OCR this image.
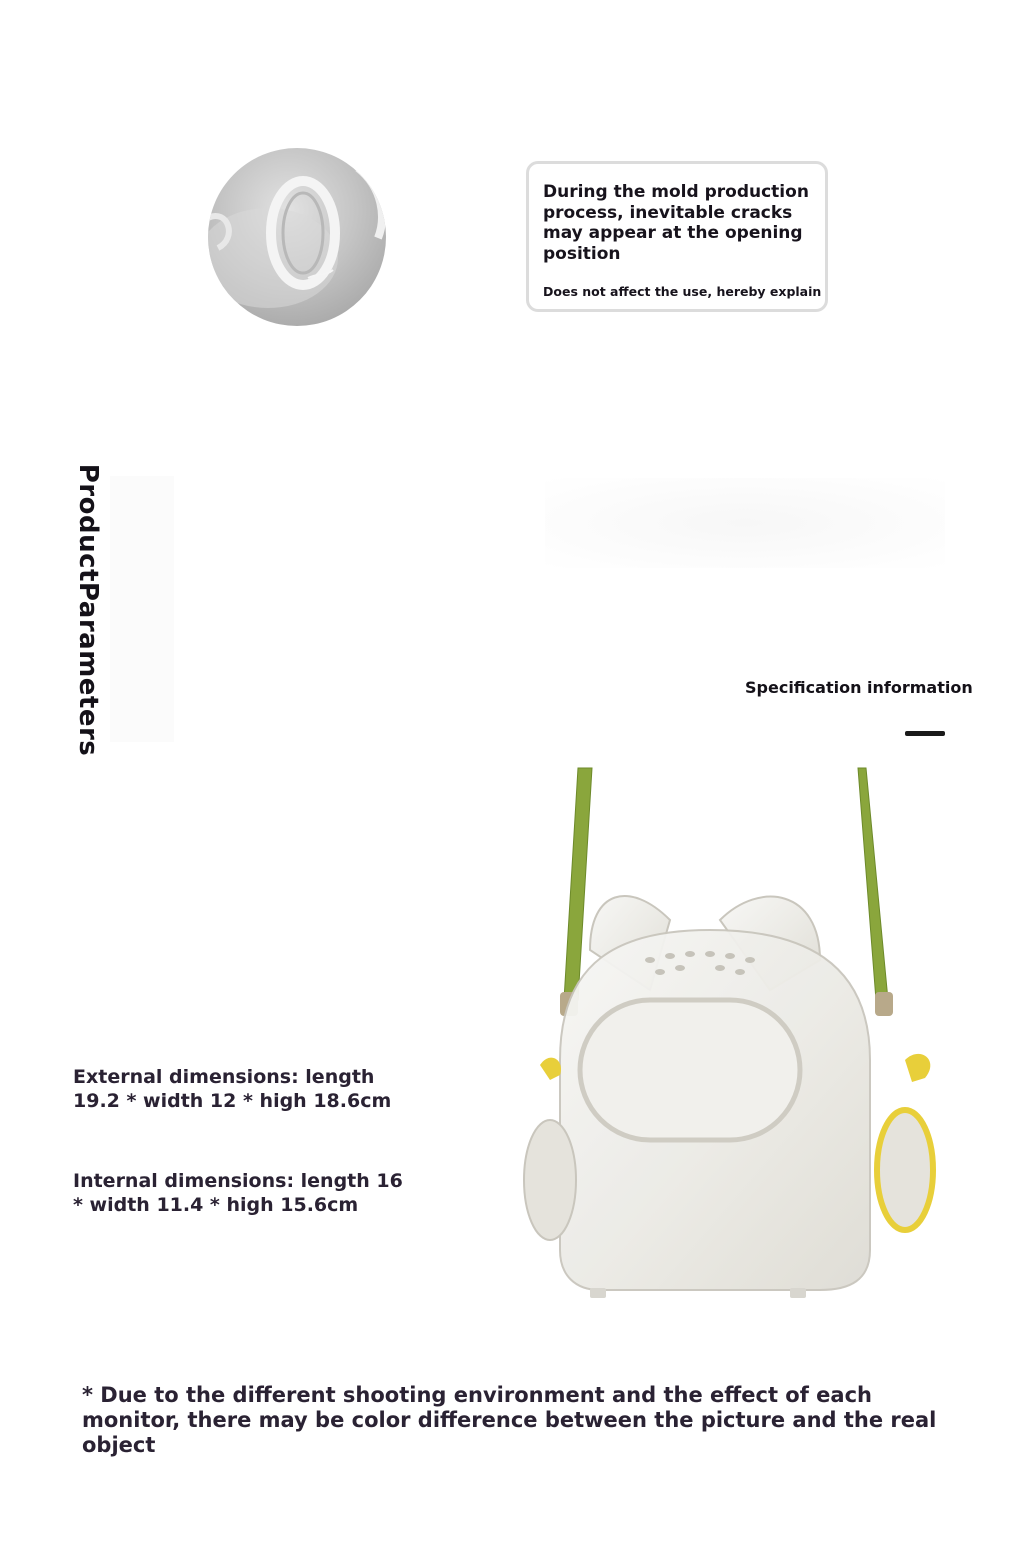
During the mold production process, inevitable cracks may appear at the opening position
Does not affect the use, hereby explain
ProductParameters	Specification information
External dimensions: length 19.2 * width 12 * high 18.6cm
Internal dimensions: length 16 * width 11.4 * high 15.6cm
* Due to the different shooting environment and the effect of each monitor, there may be color difference between the picture and the real object
